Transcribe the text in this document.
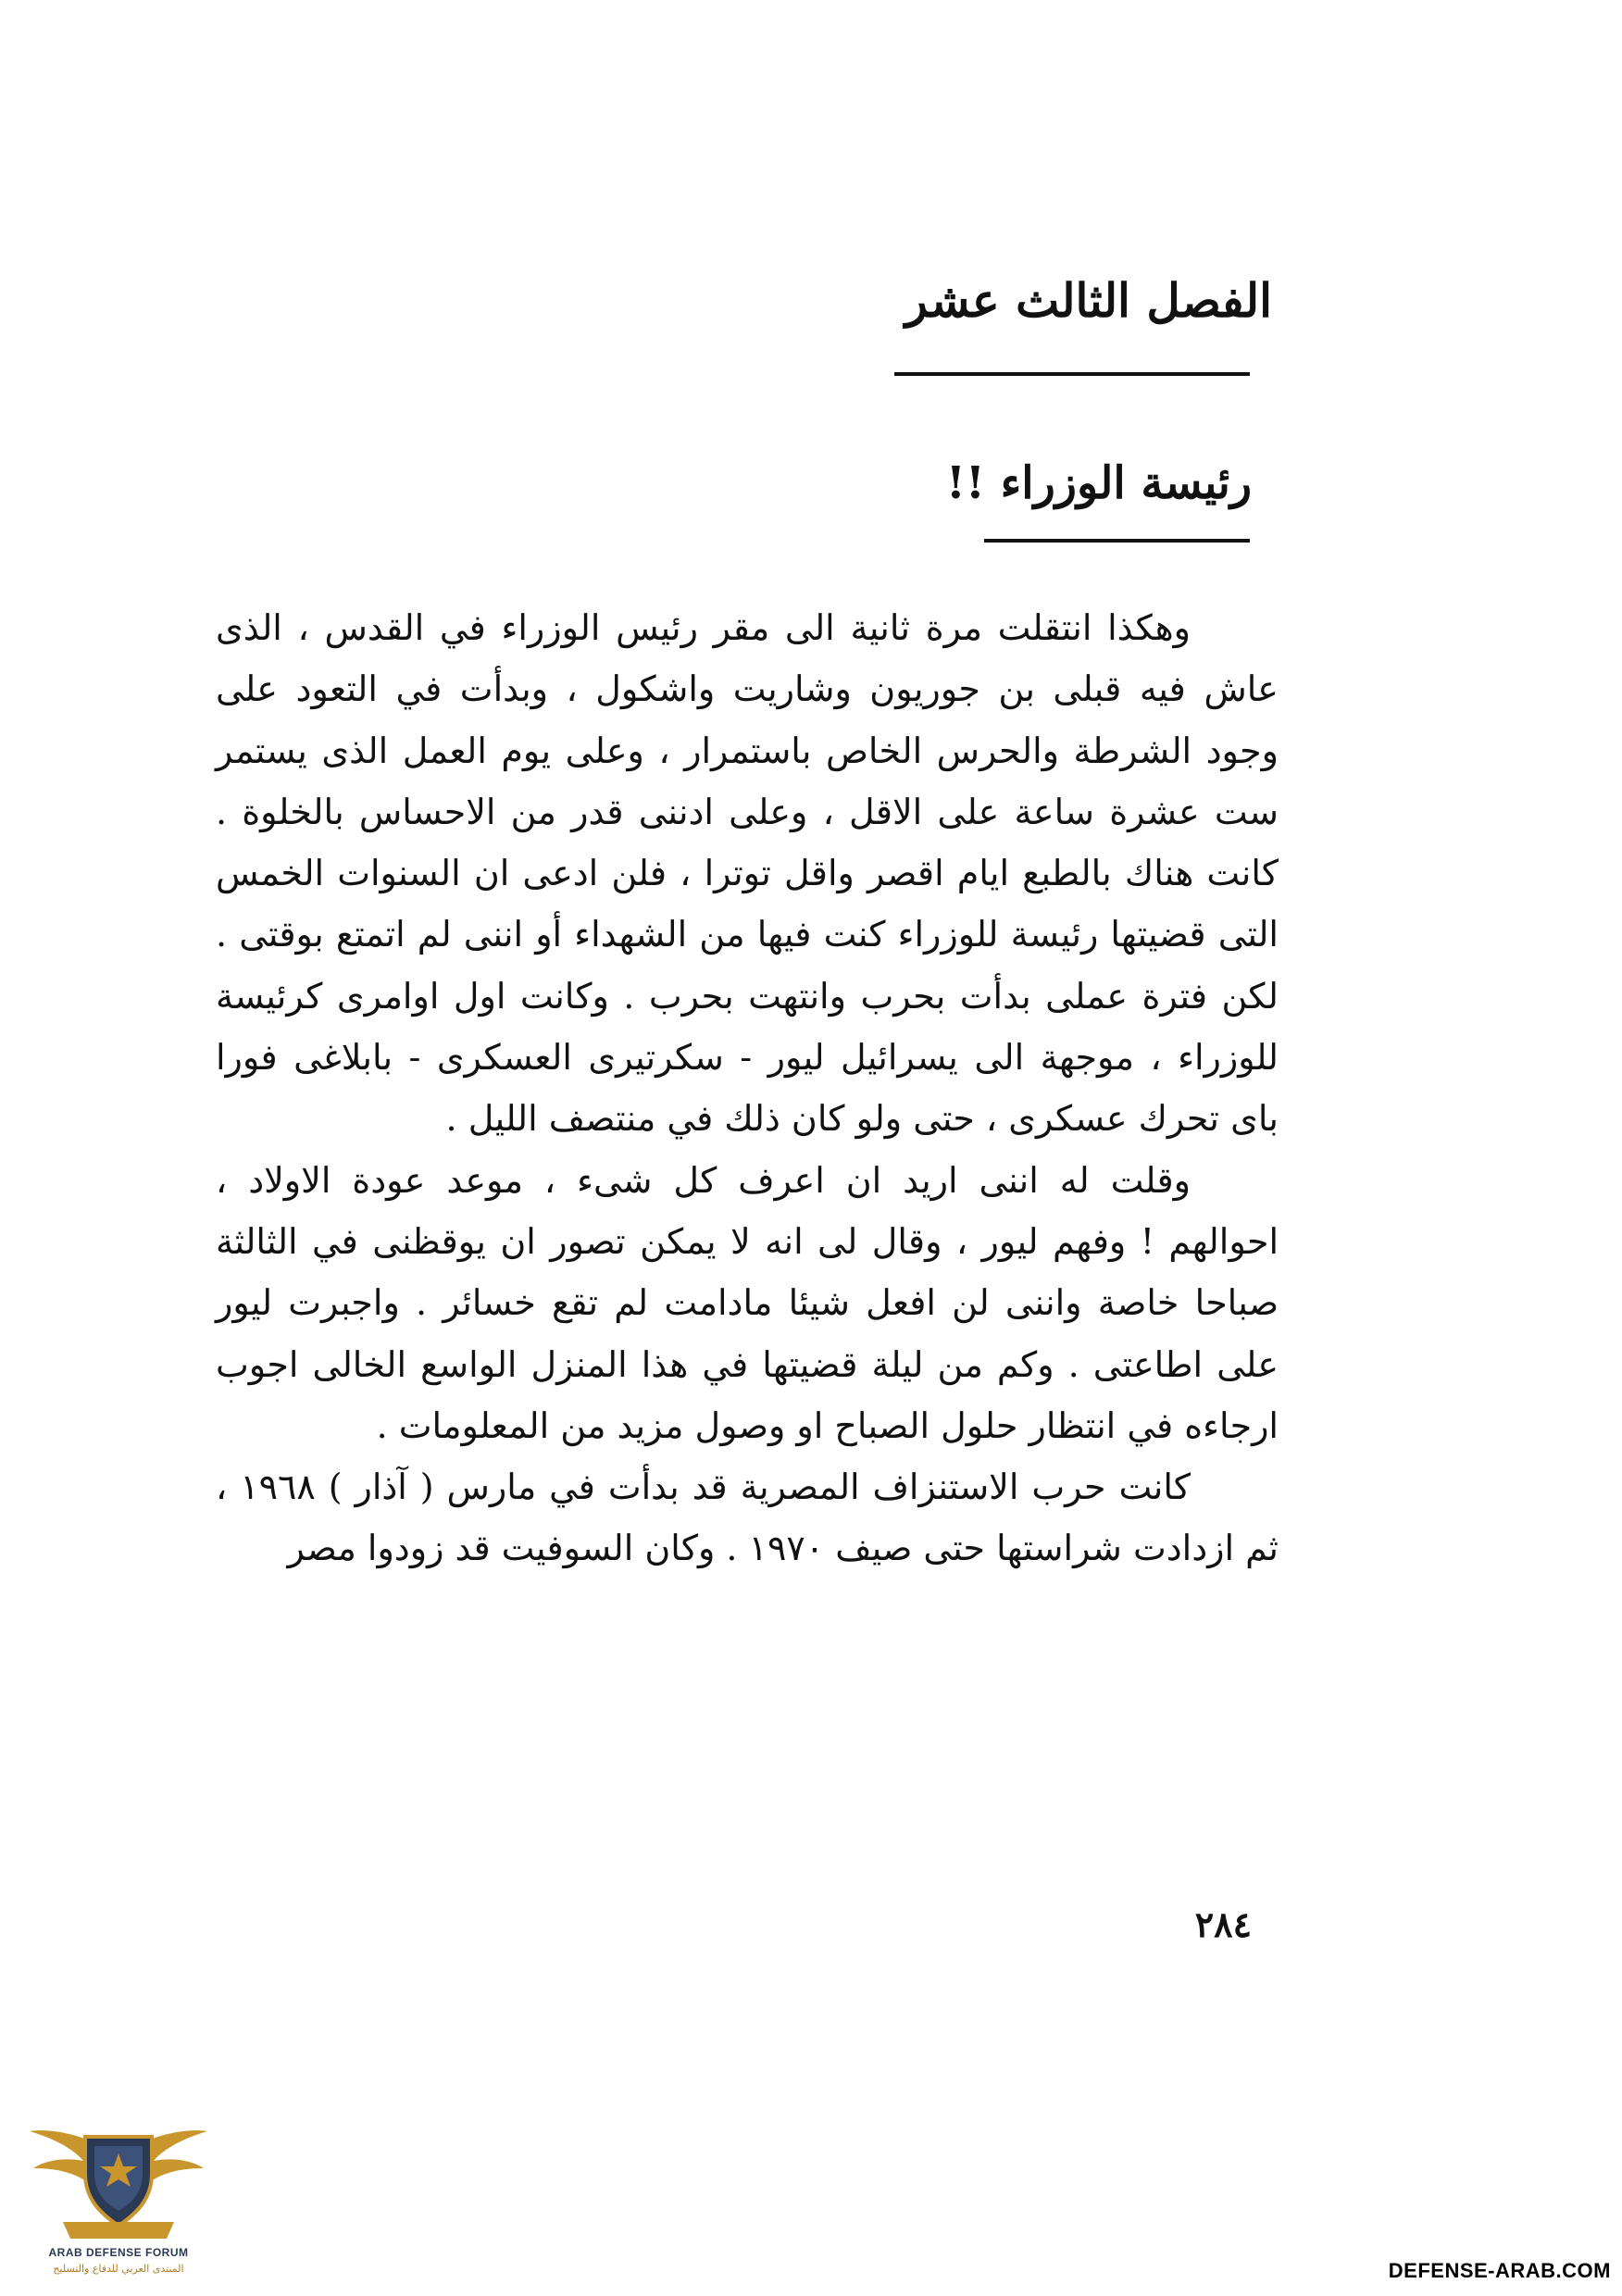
الفصل الثالث عشر
رئيسة الوزراء !!

وهكذا انتقلت مرة ثانية الى مقر رئيس الوزراء في القدس ، الذى عاش فيه قبلى بن جوريون وشاريت واشكول ، وبدأت في التعود على وجود الشرطة والحرس الخاص باستمرار ، وعلى يوم العمل الذى يستمر ست عشرة ساعة على الاقل ، وعلى ادننى قدر من الاحساس بالخلوة . كانت هناك بالطبع ايام اقصر واقل توترا ، فلن ادعى ان السنوات الخمس التى قضيتها رئيسة للوزراء كنت فيها من الشهداء أو اننى لم اتمتع بوقتى . لكن فترة عملى بدأت بحرب وانتهت بحرب . وكانت اول اوامرى كرئيسة للوزراء ، موجهة الى يسرائيل ليور - سكرتيرى العسكرى - بابلاغى فورا باى تحرك عسكرى ، حتى ولو كان ذلك في منتصف الليل .

وقلت له اننى اريد ان اعرف كل شىء ، موعد عودة الاولاد ، احوالهم ! وفهم ليور ، وقال لى انه لا يمكن تصور ان يوقظنى في الثالثة صباحا خاصة واننى لن افعل شيئا مادامت لم تقع خسائر . واجبرت ليور على اطاعتى . وكم من ليلة قضيتها في هذا المنزل الواسع الخالى اجوب ارجاءه في انتظار حلول الصباح او وصول مزيد من المعلومات .

كانت حرب الاستنزاف المصرية قد بدأت في مارس ( آذار ) ١٩٦٨ ، ثم ازدادت شراستها حتى صيف ١٩٧٠ . وكان السوفيت قد زودوا مصر

٢٨٤
ARAB DEFENSE FORUM
المنتدى العربي للدفاع والتسليح	DEFENSE-ARAB.COM
